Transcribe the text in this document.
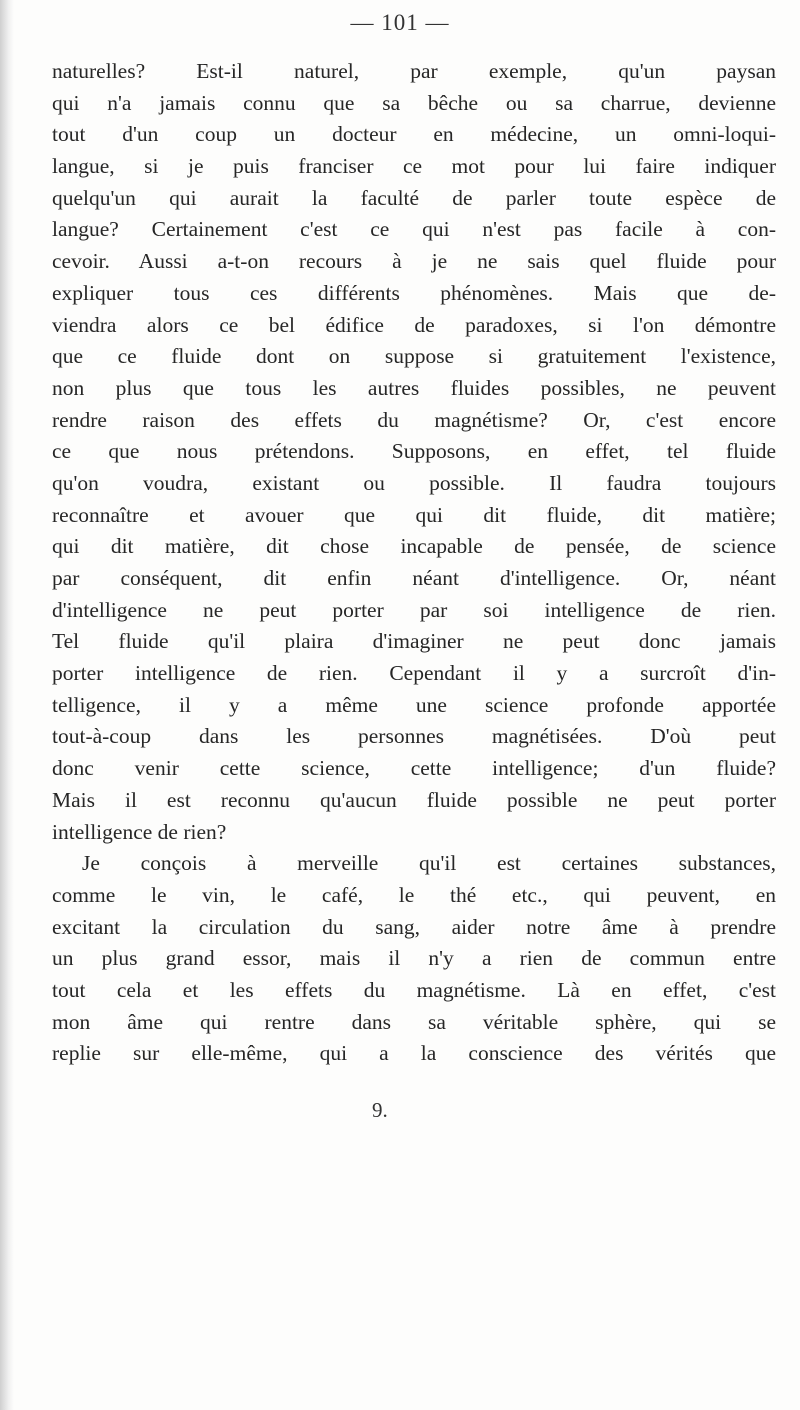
— 101 —
naturelles? Est-il naturel, par exemple, qu'un paysan
qui n'a jamais connu que sa bêche ou sa charrue, devienne
tout d'un coup un docteur en médecine, un omni-loqui-
langue, si je puis franciser ce mot pour lui faire indiquer
quelqu'un qui aurait la faculté de parler toute espèce de
langue? Certainement c'est ce qui n'est pas facile à con-
cevoir. Aussi a-t-on recours à je ne sais quel fluide pour
expliquer tous ces différents phénomènes. Mais que de-
viendra alors ce bel édifice de paradoxes, si l'on démontre
que ce fluide dont on suppose si gratuitement l'existence,
non plus que tous les autres fluides possibles, ne peuvent
rendre raison des effets du magnétisme? Or, c'est encore
ce que nous prétendons. Supposons, en effet, tel fluide
qu'on voudra, existant ou possible. Il faudra toujours
reconnaître et avouer que qui dit fluide, dit matière;
qui dit matière, dit chose incapable de pensée, de science
par conséquent, dit enfin néant d'intelligence. Or, néant
d'intelligence ne peut porter par soi intelligence de rien.
Tel fluide qu'il plaira d'imaginer ne peut donc jamais
porter intelligence de rien. Cependant il y a surcroît d'in-
telligence, il y a même une science profonde apportée
tout-à-coup dans les personnes magnétisées. D'où peut
donc venir cette science, cette intelligence; d'un fluide?
Mais il est reconnu qu'aucun fluide possible ne peut porter
intelligence de rien?
Je conçois à merveille qu'il est certaines substances,
comme le vin, le café, le thé etc., qui peuvent, en
excitant la circulation du sang, aider notre âme à prendre
un plus grand essor, mais il n'y a rien de commun entre
tout cela et les effets du magnétisme. Là en effet, c'est
mon âme qui rentre dans sa véritable sphère, qui se
replie sur elle-même, qui a la conscience des vérités que
9.
